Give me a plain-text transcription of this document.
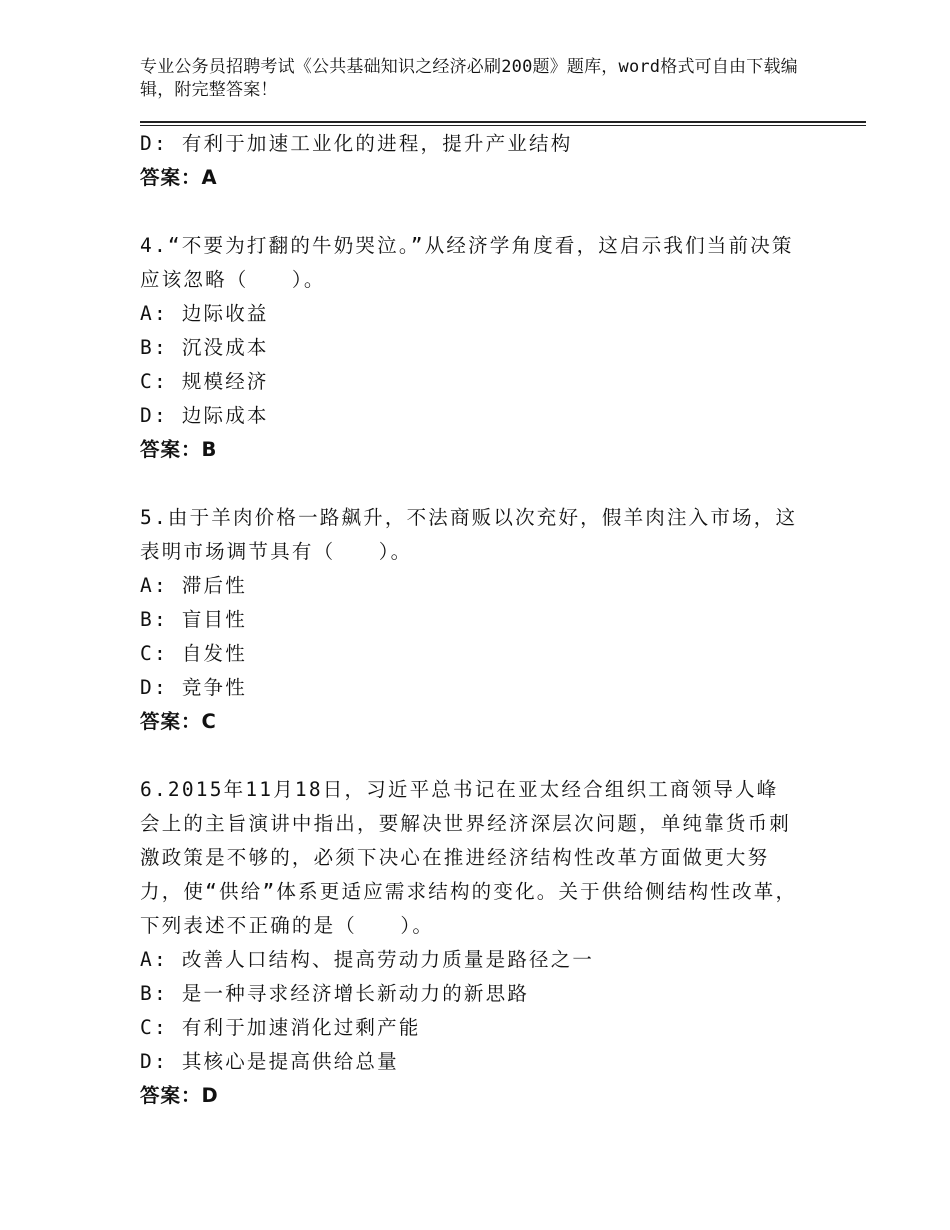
专业公务员招聘考试《公共基础知识之经济必刷200题》题库，word格式可自由下载编辑，附完整答案！
D: 有利于加速工业化的进程，提升产业结构
答案：A
4.“不要为打翻的牛奶哭泣。”从经济学角度看，这启示我们当前决策应该忽略（　　）。
A: 边际收益
B: 沉没成本
C: 规模经济
D: 边际成本
答案：B
5.由于羊肉价格一路飙升，不法商贩以次充好，假羊肉注入市场，这表明市场调节具有（　　）。
A: 滞后性
B: 盲目性
C: 自发性
D: 竞争性
答案：C
6.2015年11月18日，习近平总书记在亚太经合组织工商领导人峰会上的主旨演讲中指出，要解决世界经济深层次问题，单纯靠货币刺激政策是不够的，必须下决心在推进经济结构性改革方面做更大努力，使“供给”体系更适应需求结构的变化。关于供给侧结构性改革，下列表述不正确的是（　　）。
A: 改善人口结构、提高劳动力质量是路径之一
B: 是一种寻求经济增长新动力的新思路
C: 有利于加速消化过剩产能
D: 其核心是提高供给总量
答案：D
